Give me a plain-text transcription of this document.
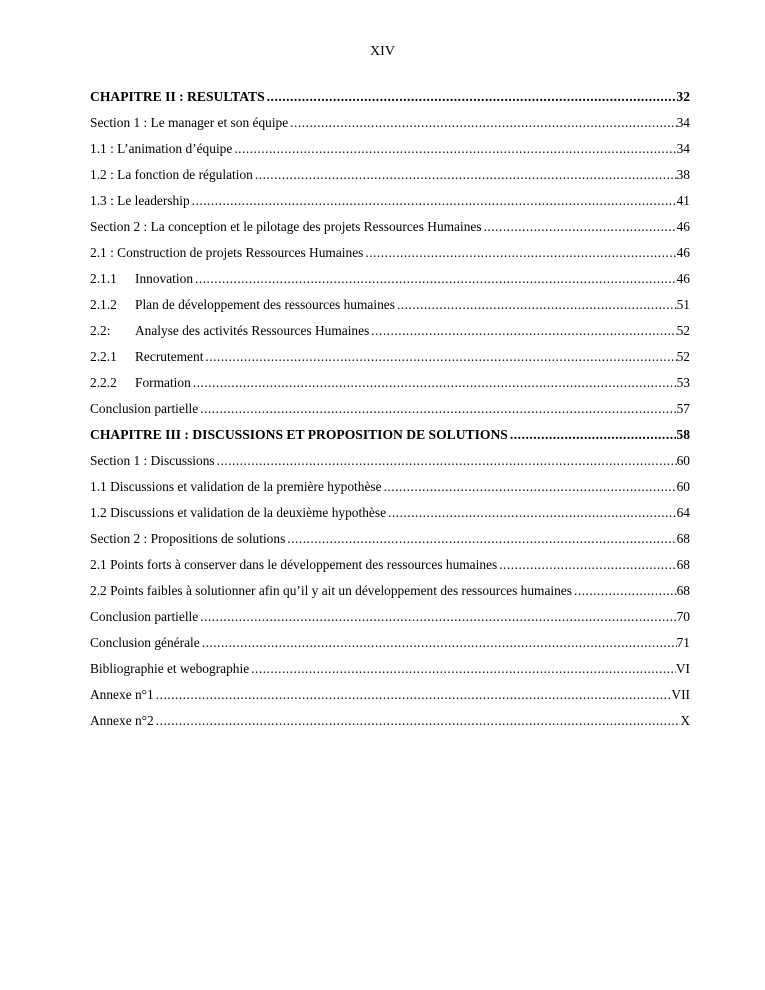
XIV
CHAPITRE II : RESULTATS .....	32
Section 1 : Le manager et son équipe .....	34
1.1 : L’animation d’équipe .....	34
1.2 : La fonction de régulation .....	38
1.3 : Le leadership .....	41
Section 2 : La conception et le pilotage des projets Ressources Humaines .....	46
2.1 : Construction de projets Ressources Humaines .....	46
2.1.1 Innovation .....	46
2.1.2 Plan de développement des ressources humaines .....	51
2.2: Analyse des activités Ressources Humaines .....	52
2.2.1 Recrutement .....	52
2.2.2 Formation .....	53
Conclusion partielle .....	57
CHAPITRE III : DISCUSSIONS ET PROPOSITION DE SOLUTIONS .....	58
Section 1 : Discussions .....	60
1.1 Discussions et validation de la première hypothèse .....	60
1.2 Discussions et validation de la deuxième hypothèse .....	64
Section 2 : Propositions de solutions .....	68
2.1 Points forts à conserver dans le développement des ressources humaines .....	68
2.2 Points faibles à solutionner afin qu’il y ait un développement des ressources humaines .....	68
Conclusion partielle .....	70
Conclusion générale .....	71
Bibliographie et webographie .....	VI
Annexe n°1 .....	VII
Annexe n°2 .....	X
